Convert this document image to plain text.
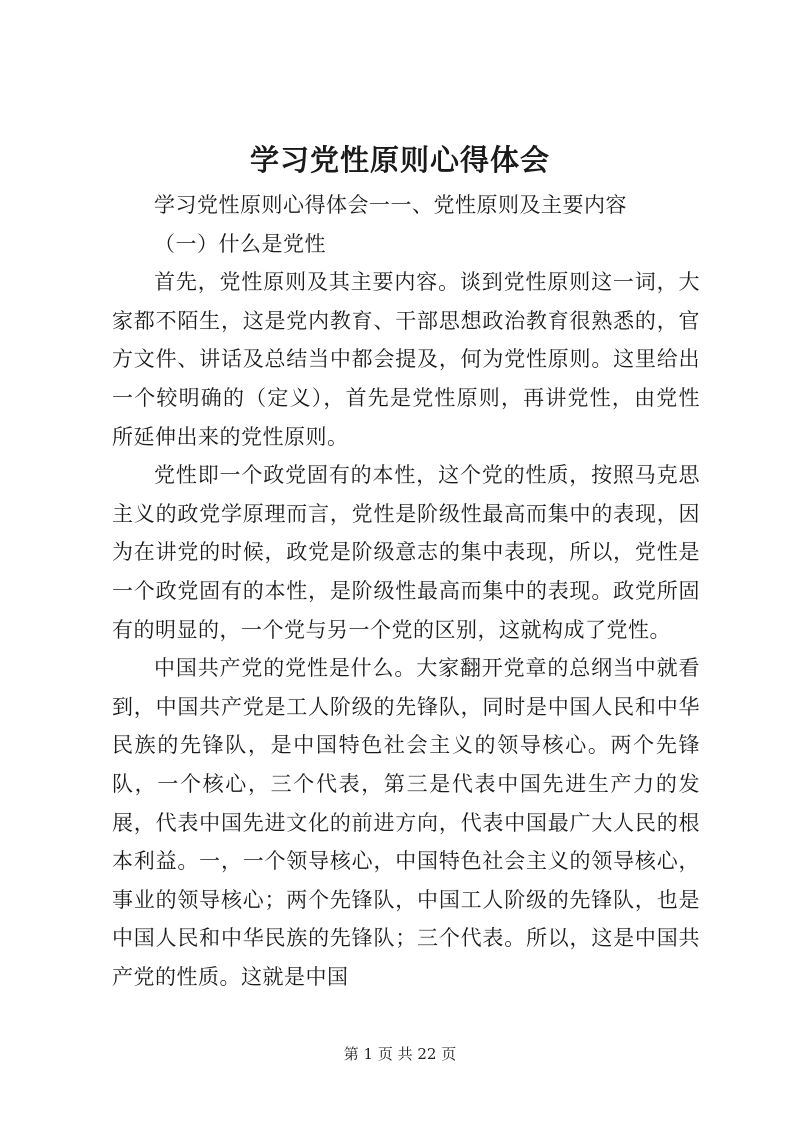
学习党性原则心得体会

学习党性原则心得体会一一、党性原则及主要内容

（一）什么是党性

首先，党性原则及其主要内容。谈到党性原则这一词，大家都不陌生，这是党内教育、干部思想政治教育很熟悉的，官方文件、讲话及总结当中都会提及，何为党性原则。这里给出一个较明确的（定义），首先是党性原则，再讲党性，由党性所延伸出来的党性原则。

党性即一个政党固有的本性，这个党的性质，按照马克思主义的政党学原理而言，党性是阶级性最高而集中的表现，因为在讲党的时候，政党是阶级意志的集中表现，所以，党性是一个政党固有的本性，是阶级性最高而集中的表现。政党所固有的明显的，一个党与另一个党的区别，这就构成了党性。

中国共产党的党性是什么。大家翻开党章的总纲当中就看到，中国共产党是工人阶级的先锋队，同时是中国人民和中华民族的先锋队，是中国特色社会主义的领导核心。两个先锋队，一个核心，三个代表，第三是代表中国先进生产力的发展，代表中国先进文化的前进方向，代表中国最广大人民的根本利益。一，一个领导核心，中国特色社会主义的领导核心，事业的领导核心；两个先锋队，中国工人阶级的先锋队，也是中国人民和中华民族的先锋队；三个代表。所以，这是中国共产党的性质。这就是中国

第 1 页 共 22 页
